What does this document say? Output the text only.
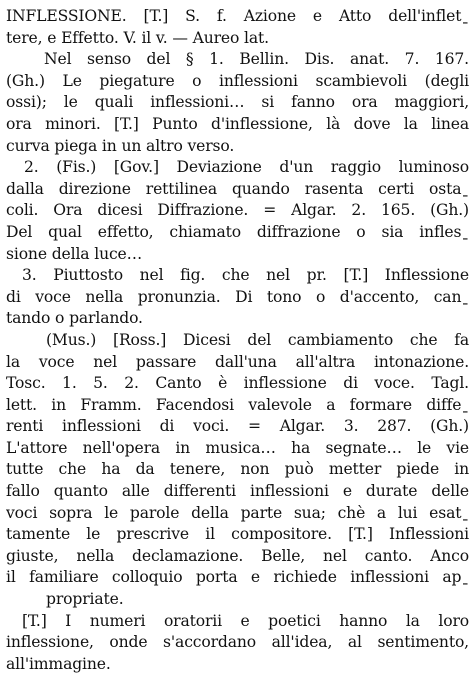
INFLESSIONE. [T.] S. f. Azione e Atto dell'infletˍ
tere, e Effetto. V. il v. — Aureo lat.
Nel senso del § 1. Bellin. Dis. anat. 7. 167.
(Gh.) Le piegature o inflessioni scambievoli (degli
ossi); le quali inflessioni… si fanno ora maggiori,
ora minori. [T.] Punto d'inflessione, là dove la linea
curva piega in un altro verso.
2. (Fis.) [Gov.] Deviazione d'un raggio luminoso
dalla direzione rettilinea quando rasenta certi ostaˍ
coli. Ora dicesi Diffrazione. = Algar. 2. 165. (Gh.)
Del qual effetto, chiamato diffrazione o sia inflesˍ
sione della luce…
3. Piuttosto nel fig. che nel pr. [T.] Inflessione
di voce nella pronunzia. Di tono o d'accento, canˍ
tando o parlando.
(Mus.) [Ross.] Dicesi del cambiamento che fa
la voce nel passare dall'una all'altra intonazione.
Tosc. 1. 5. 2. Canto è inflessione di voce. Tagl.
lett. in Framm. Facendosi valevole a formare diffeˍ
renti inflessioni di voci. = Algar. 3. 287. (Gh.)
L'attore nell'opera in musica… ha segnate… le vie
tutte che ha da tenere, non può metter piede in
fallo quanto alle differenti inflessioni e durate delle
voci sopra le parole della parte sua; chè a lui esatˍ
tamente le prescrive il compositore. [T.] Inflessioni
giuste, nella declamazione. Belle, nel canto. Anco
il familiare colloquio porta e richiede inflessioni apˍ
propriate.
[T.] I numeri oratorii e poetici hanno la loro
inflessione, onde s'accordano all'idea, al sentimento,
all'immagine.
